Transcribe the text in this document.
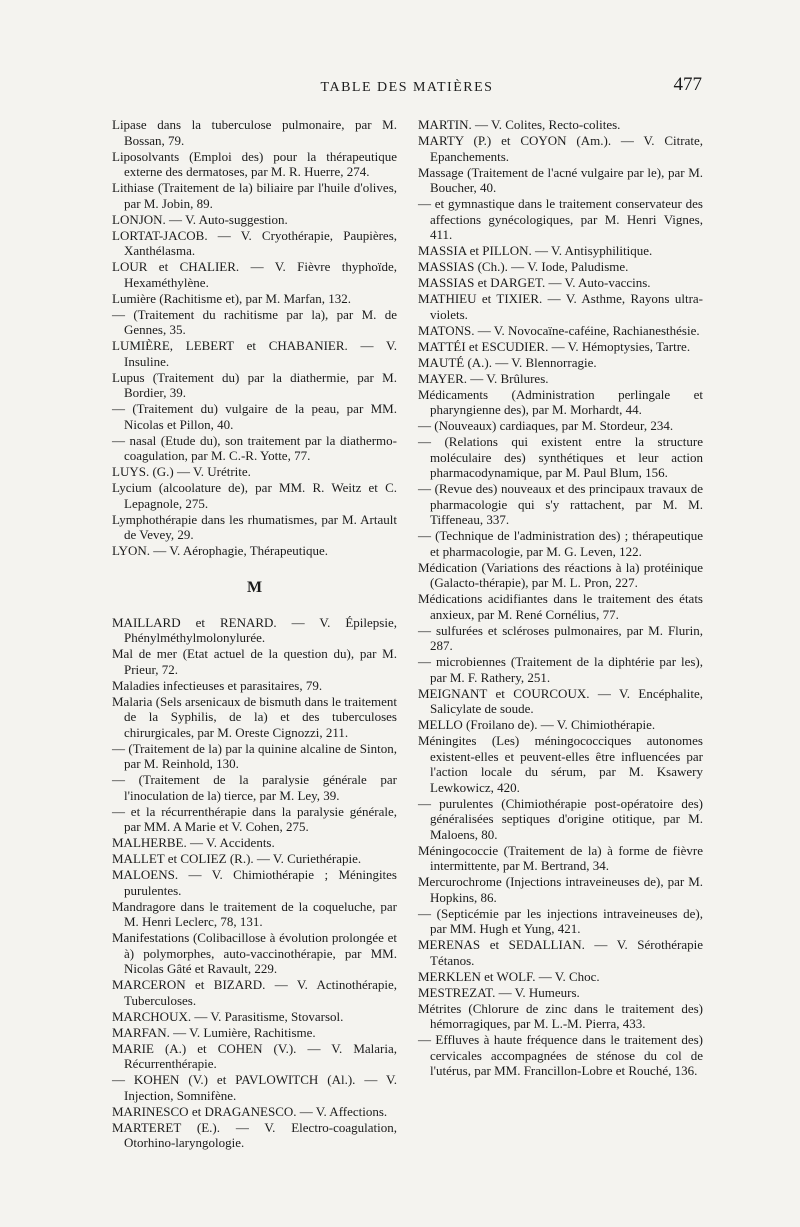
TABLE DES MATIÈRES	477

Lipase dans la tuberculose pulmonaire, par M. Bossan, 79.

Liposolvants (Emploi des) pour la thérapeutique externe des dermatoses, par M. R. Huerre, 274.

Lithiase (Traitement de la) biliaire par l'huile d'olives, par M. Jobin, 89.

LONJON. — V. Auto-suggestion.

LORTAT-JACOB. — V. Cryothérapie, Paupières, Xanthélasma.

LOUR et CHALIER. — V. Fièvre thyphoïde, Hexaméthylène.

Lumière (Rachitisme et), par M. Marfan, 132.

— (Traitement du rachitisme par la), par M. de Gennes, 35.

LUMIÈRE, LEBERT et CHABANIER. — V. Insuline.

Lupus (Traitement du) par la diathermie, par M. Bordier, 39.

— (Traitement du) vulgaire de la peau, par MM. Nicolas et Pillon, 40.

— nasal (Etude du), son traitement par la diathermo-coagulation, par M. C.-R. Yotte, 77.

LUYS. (G.) — V. Urétrite.

Lycium (alcoolature de), par MM. R. Weitz et C. Lepagnole, 275.

Lymphothérapie dans les rhumatismes, par M. Artault de Vevey, 29.

LYON. — V. Aérophagie, Thérapeutique.

M

MAILLARD et RENARD. — V. Épilepsie, Phénylméthylmolonylurée.

Mal de mer (Etat actuel de la question du), par M. Prieur, 72.

Maladies infectieuses et parasitaires, 79.

Malaria (Sels arsenicaux de bismuth dans le traitement de la Syphilis, de la) et des tuberculoses chirurgicales, par M. Oreste Cignozzi, 211.

— (Traitement de la) par la quinine alcaline de Sinton, par M. Reinhold, 130.

— (Traitement de la paralysie générale par l'inoculation de la) tierce, par M. Ley, 39.

— et la récurrenthérapie dans la paralysie générale, par MM. A Marie et V. Cohen, 275.

MALHERBE. — V. Accidents.

MALLET et COLIEZ (R.). — V. Curiethérapie.

MALOENS. — V. Chimiothérapie ; Méningites purulentes.

Mandragore dans le traitement de la coqueluche, par M. Henri Leclerc, 78, 131.

Manifestations (Colibacillose à évolution prolongée et à) polymorphes, auto-vaccinothérapie, par MM. Nicolas Gâté et Ravault, 229.

MARCERON et BIZARD. — V. Actinothérapie, Tuberculoses.

MARCHOUX. — V. Parasitisme, Stovarsol.

MARFAN. — V. Lumière, Rachitisme.

MARIE (A.) et COHEN (V.). — V. Malaria, Récurrenthérapie.

— KOHEN (V.) et PAVLOWITCH (Al.). — V. Injection, Somnifène.

MARINESCO et DRAGANESCO. — V. Affections.

MARTERET (E.). — V. Electro-coagulation, Otorhino-laryngologie.

MARTIN. — V. Colites, Recto-colites.

MARTY (P.) et COYON (Am.). — V. Citrate, Epanchements.

Massage (Traitement de l'acné vulgaire par le), par M. Boucher, 40.

— et gymnastique dans le traitement conservateur des affections gynécologiques, par M. Henri Vignes, 411.

MASSIA et PILLON. — V. Antisyphilitique.

MASSIAS (Ch.). — V. Iode, Paludisme.

MASSIAS et DARGET. — V. Auto-vaccins.

MATHIEU et TIXIER. — V. Asthme, Rayons ultra-violets.

MATONS. — V. Novocaïne-caféine, Rachianesthésie.

MATTÉI et ESCUDIER. — V. Hémoptysies, Tartre.

MAUTÉ (A.). — V. Blennorragie.

MAYER. — V. Brûlures.

Médicaments (Administration perlingale et pharyngienne des), par M. Morhardt, 44.

— (Nouveaux) cardiaques, par M. Stordeur, 234.

— (Relations qui existent entre la structure moléculaire des) synthétiques et leur action pharmacodynamique, par M. Paul Blum, 156.

— (Revue des) nouveaux et des principaux travaux de pharmacologie qui s'y rattachent, par M. M. Tiffeneau, 337.

— (Technique de l'administration des) ; thérapeutique et pharmacologie, par M. G. Leven, 122.

Médication (Variations des réactions à la) protéinique (Galacto-thérapie), par M. L. Pron, 227.

Médications acidifiantes dans le traitement des états anxieux, par M. René Cornélius, 77.

— sulfurées et scléroses pulmonaires, par M. Flurin, 287.

— microbiennes (Traitement de la diphtérie par les), par M. F. Rathery, 251.

MEIGNANT et COURCOUX. — V. Encéphalite, Salicylate de soude.

MELLO (Froilano de). — V. Chimiothérapie.

Méningites (Les) méningococciques autonomes existent-elles et peuvent-elles être influencées par l'action locale du sérum, par M. Ksawery Lewkowicz, 420.

— purulentes (Chimiothérapie post-opératoire des) généralisées septiques d'origine otitique, par M. Maloens, 80.

Méningococcie (Traitement de la) à forme de fièvre intermittente, par M. Bertrand, 34.

Mercurochrome (Injections intraveineuses de), par M. Hopkins, 86.

— (Septicémie par les injections intraveineuses de), par MM. Hugh et Yung, 421.

MERENAS et SEDALLIAN. — V. Sérothérapie Tétanos.

MERKLEN et WOLF. — V. Choc.

MESTREZAT. — V. Humeurs.

Métrites (Chlorure de zinc dans le traitement des) hémorragiques, par M. L.-M. Pierra, 433.

— Effluves à haute fréquence dans le traitement des) cervicales accompagnées de sténose du col de l'utérus, par MM. Francillon-Lobre et Rouché, 136.
